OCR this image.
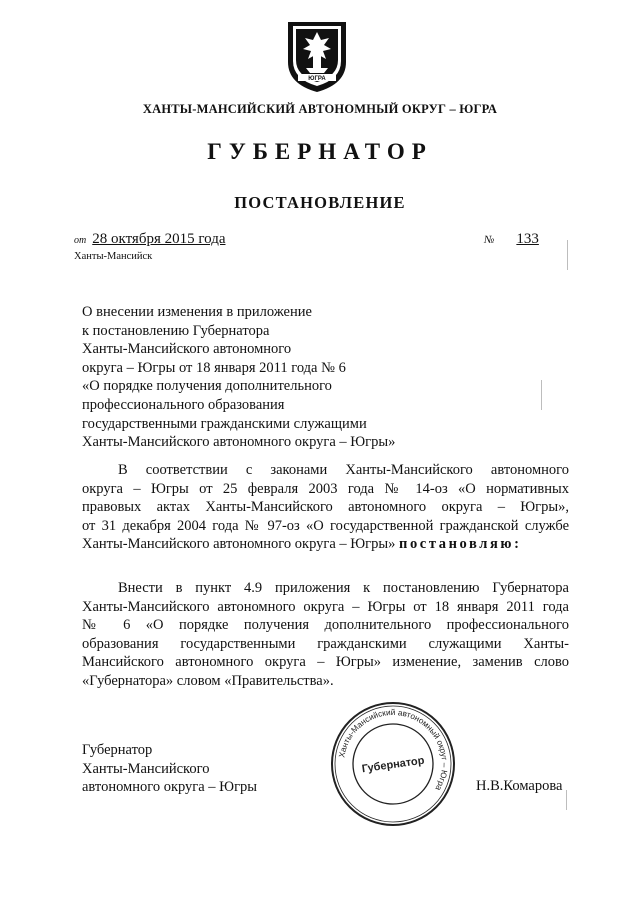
ЮГРА
ХАНТЫ-МАНСИЙСКИЙ АВТОНОМНЫЙ ОКРУГ – ЮГРА
ГУБЕРНАТОР
ПОСТАНОВЛЕНИЕ
от 28 октября 2015 года	№ 133
Ханты-Мансийск
О внесении изменения в приложение
к постановлению Губернатора
Ханты-Мансийского автономного
округа – Югры от 18 января 2011 года № 6
«О порядке получения дополнительного
профессионального образования
государственными гражданскими служащими
Ханты-Мансийского автономного округа – Югры»
В соответствии с законами Ханты-Мансийского автономного
округа – Югры от 25 февраля 2003 года № 14-оз «О нормативных
правовых актах Ханты-Мансийского автономного округа – Югры»,
от 31 декабря 2004 года № 97-оз «О государственной гражданской службе
Ханты-Мансийского автономного округа – Югры» постановляю:
Внести в пункт 4.9 приложения к постановлению Губернатора
Ханты-Мансийского автономного округа – Югры от 18 января 2011 года
№ 6 «О порядке получения дополнительного профессионального
образования государственными гражданскими служащими Ханты-
Мансийского автономного округа – Югры» изменение, заменив слово
«Губернатора» словом «Правительства».
Губернатор
Ханты-Мансийского
автономного округа – Югры	Н.В.Комарова
Ханты-Мансийский автономный округ – Югра
Губернатор
